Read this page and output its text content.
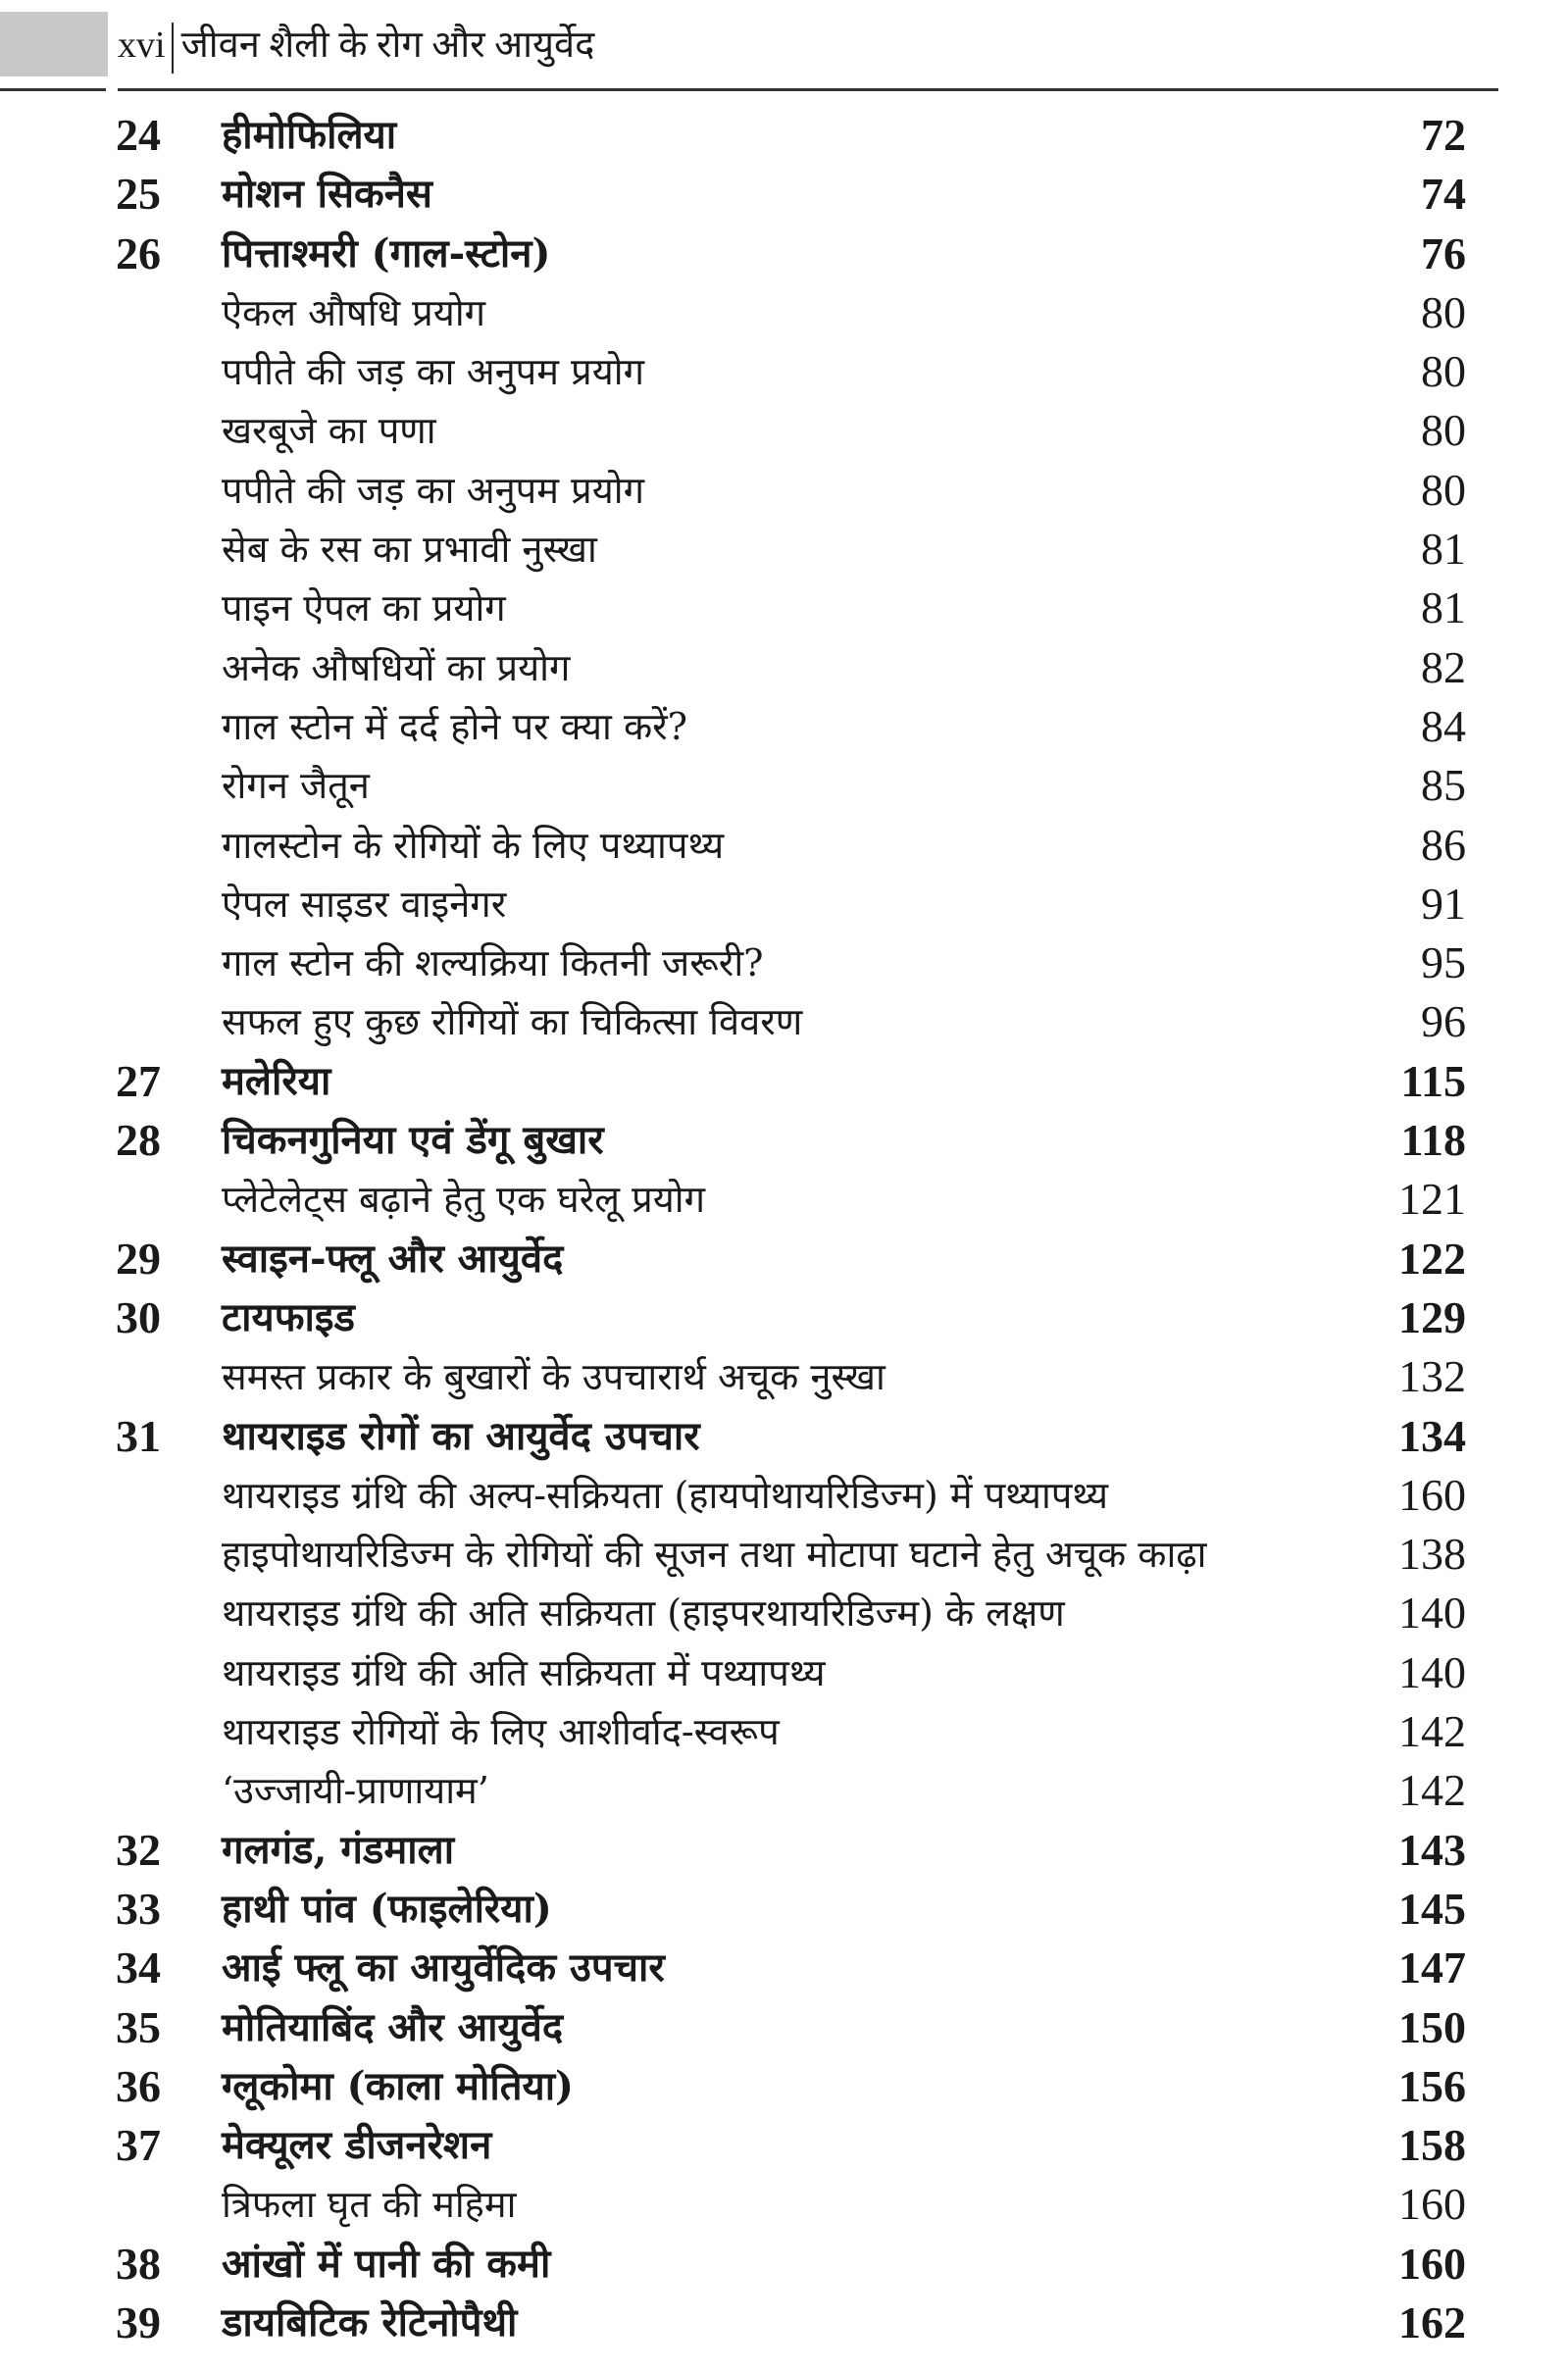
xvi जीवन शैली के रोग और आयुर्वेद
24 हीमोफिलिया	72
25 मोशन सिकनैस	74
26 पित्ताश्मरी (गाल-स्टोन)	76
ऐकल औषधि प्रयोग	80
पपीते की जड़ का अनुपम प्रयोग	80
खरबूजे का पणा	80
पपीते की जड़ का अनुपम प्रयोग	80
सेब के रस का प्रभावी नुस्खा	81
पाइन ऐपल का प्रयोग	81
अनेक औषधियों का प्रयोग	82
गाल स्टोन में दर्द होने पर क्या करें?	84
रोगन जैतून	85
गालस्टोन के रोगियों के लिए पथ्यापथ्य	86
ऐपल साइडर वाइनेगर	91
गाल स्टोन की शल्यक्रिया कितनी जरूरी?	95
सफल हुए कुछ रोगियों का चिकित्सा विवरण	96
27 मलेरिया	115
28 चिकनगुनिया एवं डेंगू बुखार	118
प्लेटेलेट्स बढ़ाने हेतु एक घरेलू प्रयोग	121
29 स्वाइन-फ्लू और आयुर्वेद	122
30 टायफाइड	129
समस्त प्रकार के बुखारों के उपचारार्थ अचूक नुस्खा	132
31 थायराइड रोगों का आयुर्वेद उपचार	134
थायराइड ग्रंथि की अल्प-सक्रियता (हायपोथायरिडिज्म) में पथ्यापथ्य	160
हाइपोथायरिडिज्म के रोगियों की सूजन तथा मोटापा घटाने हेतु अचूक काढ़ा	138
थायराइड ग्रंथि की अति सक्रियता (हाइपरथायरिडिज्म) के लक्षण	140
थायराइड ग्रंथि की अति सक्रियता में पथ्यापथ्य	140
थायराइड रोगियों के लिए आशीर्वाद-स्वरूप	142
‘उज्जायी-प्राणायाम’	142
32 गलगंड, गंडमाला	143
33 हाथी पांव (फाइलेरिया)	145
34 आई फ्लू का आयुर्वेदिक उपचार	147
35 मोतियाबिंद और आयुर्वेद	150
36 ग्लूकोमा (काला मोतिया)	156
37 मेक्यूलर डीजनरेशन	158
त्रिफला घृत की महिमा	160
38 आंखों में पानी की कमी	160
39 डायबिटिक रेटिनोपैथी	162
